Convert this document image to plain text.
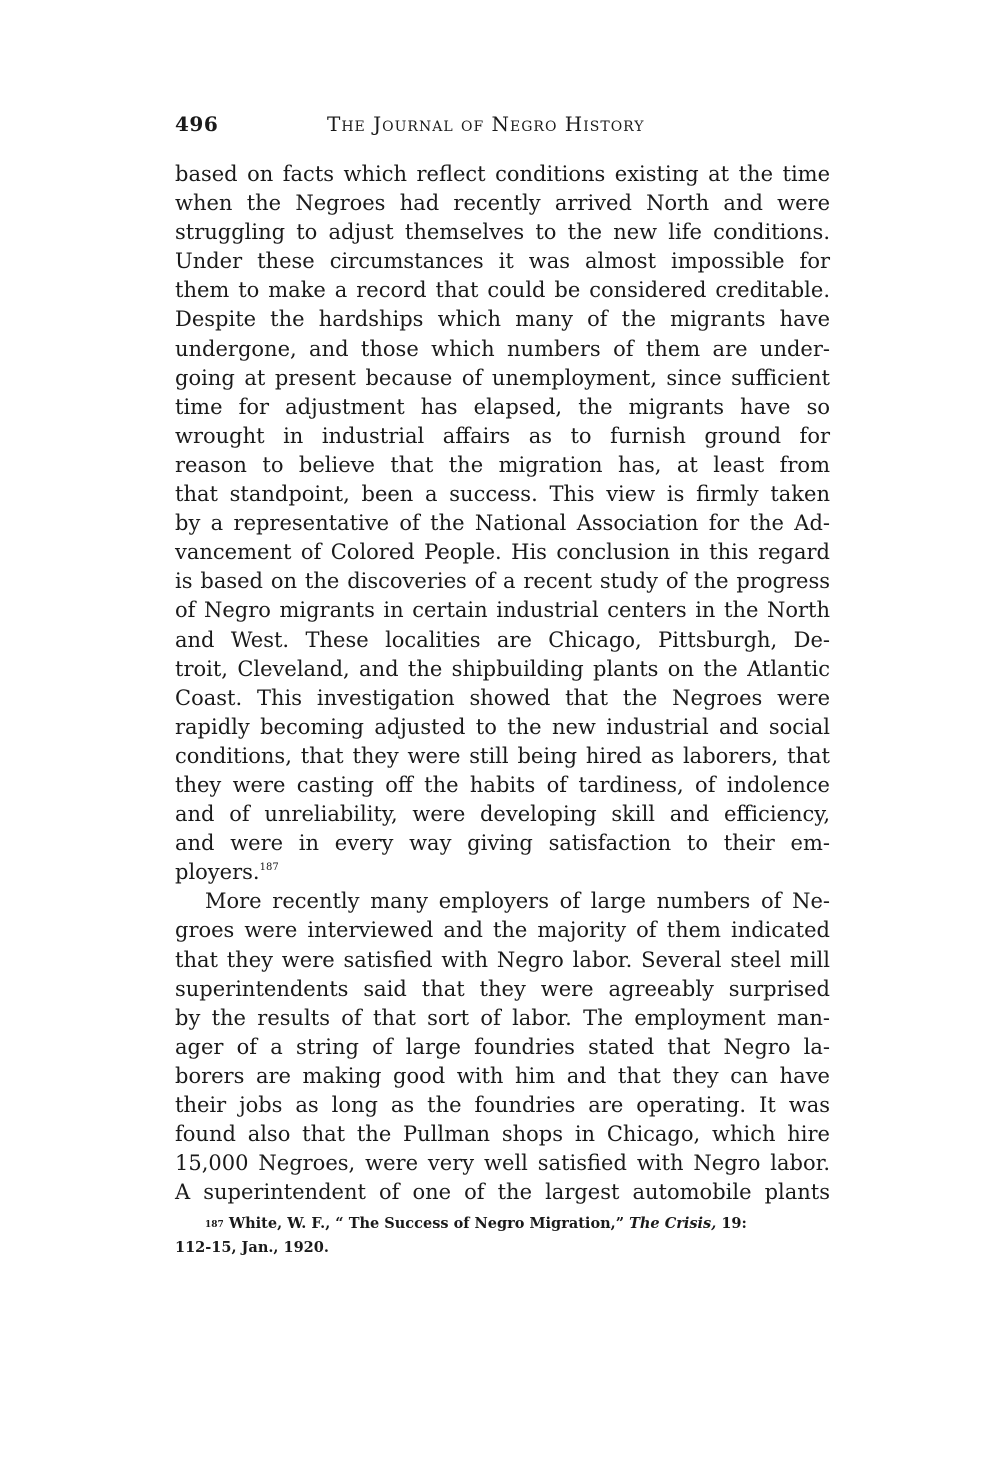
496	The Journal of Negro History
based on facts which reflect conditions existing at the time
when the Negroes had recently arrived North and were
struggling to adjust themselves to the new life conditions.
Under these circumstances it was almost impossible for
them to make a record that could be considered creditable.
Despite the hardships which many of the migrants have
undergone, and those which numbers of them are under-
going at present because of unemployment, since sufficient
time for adjustment has elapsed, the migrants have so
wrought in industrial affairs as to furnish ground for
reason to believe that the migration has, at least from
that standpoint, been a success. This view is firmly taken
by a representative of the National Association for the Ad-
vancement of Colored People. His conclusion in this regard
is based on the discoveries of a recent study of the progress
of Negro migrants in certain industrial centers in the North
and West. These localities are Chicago, Pittsburgh, De-
troit, Cleveland, and the shipbuilding plants on the Atlantic
Coast. This investigation showed that the Negroes were
rapidly becoming adjusted to the new industrial and social
conditions, that they were still being hired as laborers, that
they were casting off the habits of tardiness, of indolence
and of unreliability, were developing skill and efficiency,
and were in every way giving satisfaction to their em-
ployers.$^{187}$
More recently many employers of large numbers of Ne-
groes were interviewed and the majority of them indicated
that they were satisfied with Negro labor. Several steel mill
superintendents said that they were agreeably surprised
by the results of that sort of labor. The employment man-
ager of a string of large foundries stated that Negro la-
borers are making good with him and that they can have
their jobs as long as the foundries are operating. It was
found also that the Pullman shops in Chicago, which hire
15,000 Negroes, were very well satisfied with Negro labor.
A superintendent of one of the largest automobile plants
$^{187}$ White, W. F., “ The Success of Negro Migration,” The Crisis, 19:
112-15, Jan., 1920.
